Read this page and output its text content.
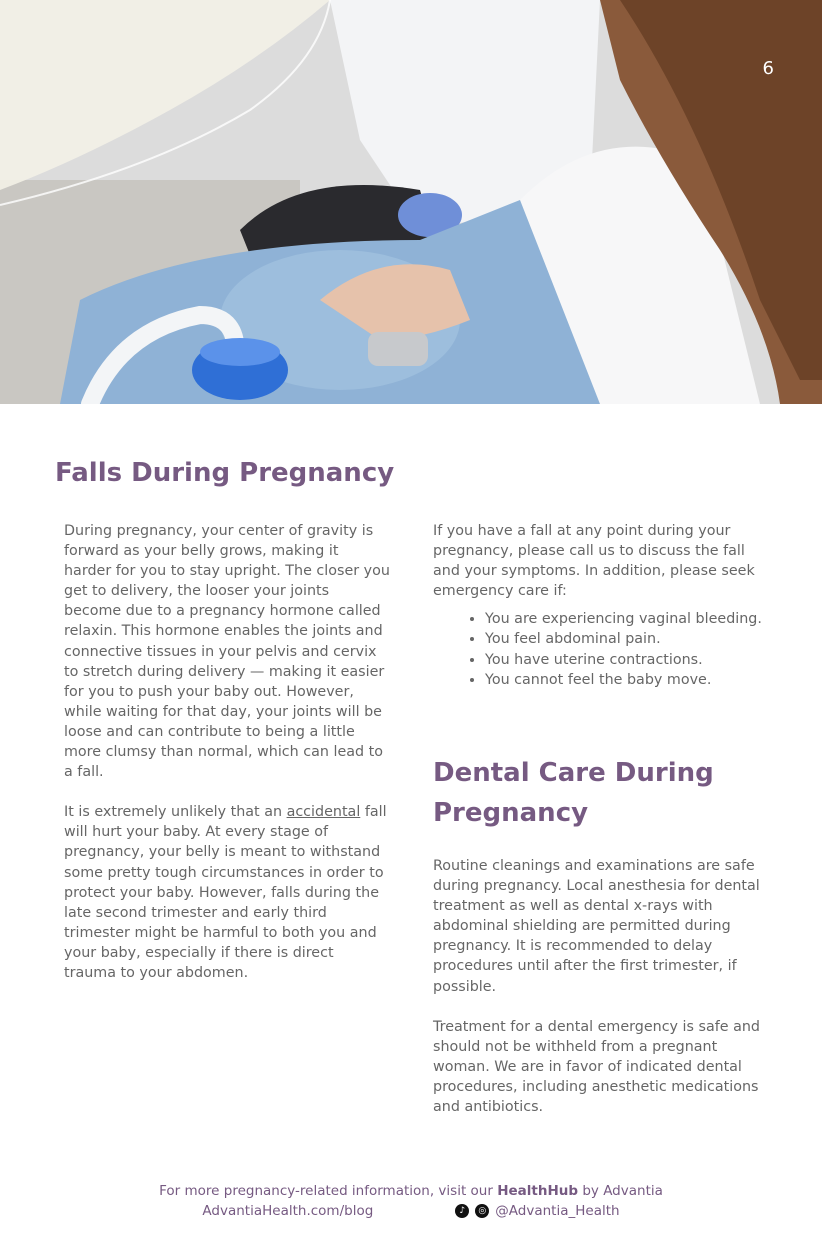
6
Falls During Pregnancy

During pregnancy, your center of gravity is forward as your belly grows, making it harder for you to stay upright. The closer you get to delivery, the looser your joints become due to a pregnancy hormone called relaxin. This hormone enables the joints and connective tissues in your pelvis and cervix to stretch during delivery — making it easier for you to push your baby out. However, while waiting for that day, your joints will be loose and can contribute to being a little more clumsy than normal, which can lead to a fall.

It is extremely unlikely that an accidental fall will hurt your baby. At every stage of pregnancy, your belly is meant to withstand some pretty tough circumstances in order to protect your baby. However, falls during the late second trimester and early third trimester might be harmful to both you and your baby, especially if there is direct trauma to your abdomen.

If you have a fall at any point during your pregnancy, please call us to discuss the fall and your symptoms. In addition, please seek emergency care if:

• You are experiencing vaginal bleeding.
• You feel abdominal pain.
• You have uterine contractions.
• You cannot feel the baby move.
Dental Care During Pregnancy

Routine cleanings and examinations are safe during pregnancy. Local anesthesia for dental treatment as well as dental x-rays with abdominal shielding are permitted during pregnancy. It is recommended to delay procedures until after the first trimester, if possible.

Treatment for a dental emergency is safe and should not be withheld from a pregnant woman. We are in favor of indicated dental procedures, including anesthetic medications and antibiotics.

For more pregnancy-related information, visit our HealthHub by Advantia
AdvantiaHealth.com/blog	♪	◎ @Advantia_Health
